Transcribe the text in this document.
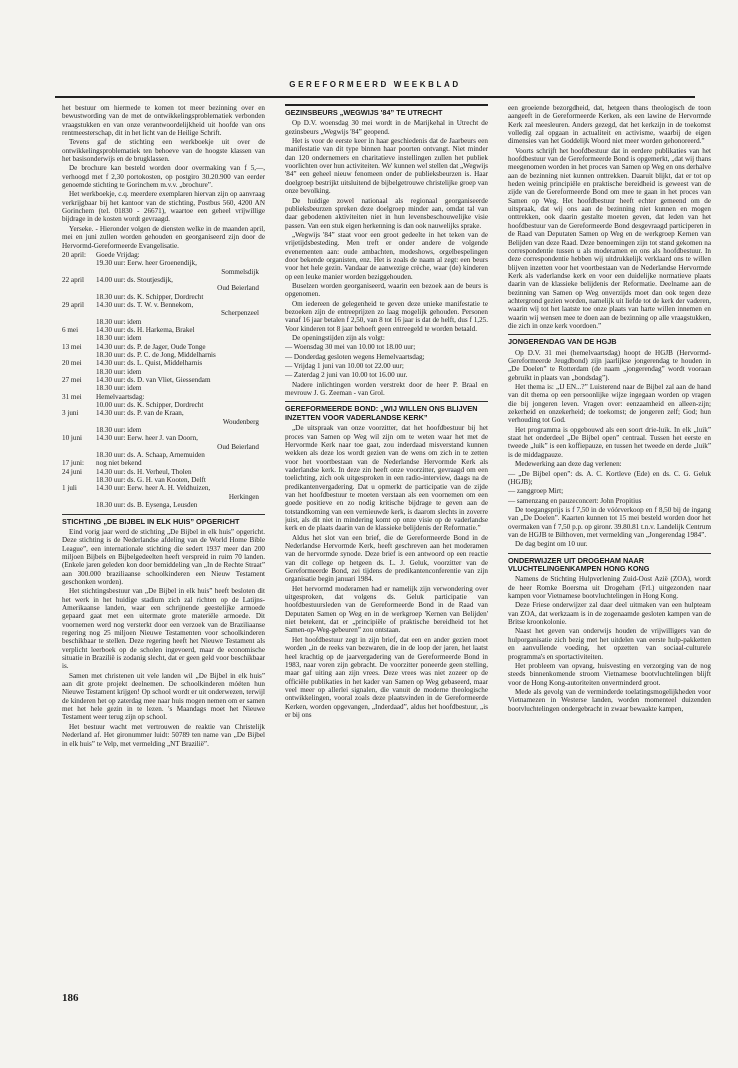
GEREFORMEERD WEEKBLAD
het bestuur om hiermede te komen tot meer bezinning over en bewustwording van de met de ontwikkelingsproblematiek verbonden vraagstukken en van onze verantwoordelijkheid uit hoofde van ons rentmeesterschap, dit in het licht van de Heilige Schrift.
Tevens gaf de stichting een werkboekje uit over de ontwikkelingsproblematiek ten behoeve van de hoogste klassen van het basisonderwijs en de brugklassen.
De brochure kan besteld worden door overmaking van f 5,—, verhoogd met f 2,30 portokosten, op postgiro 30.20.900 van eerder genoemde stichting te Gorinchem m.v.v. „brochure”.
Het werkboekje, c.q. meerdere exemplaren hiervan zijn op aanvraag verkrijgbaar bij het kantoor van de stichting, Postbus 560, 4200 AN Gorinchem (tel. 01830 - 26671), waartoe een geheel vrijwillige bijdrage in de kosten wordt gevraagd.
Yerseke. - Hieronder volgen de diensten welke in de maanden april, mei en juni zullen worden gehouden en georganiseerd zijn door de Hervormd-Gereformeerde Evangelisatie.
20 april:	Goede Vrijdag:
19.30 uur: Eerw. heer Groenendijk,
Sommelsdijk
22 april	14.00 uur: ds. Stoutjesdijk,
Oud Beierland
18.30 uur: ds. K. Schipper, Dordrecht
29 april	14.30 uur: ds. T. W. v. Bennekom,
Scherpenzeel
18.30 uur: idem
6 mei	14.30 uur: ds. H. Harkema, Brakel
18.30 uur: idem
13 mei	14.30 uur: ds. P. de Jager, Oude Tonge
18.30 uur: ds. P. C. de Jong, Middelharnis
20 mei	14.30 uur: ds. L. Quist, Middelharnis
18.30 uur: idem
27 mei	14.30 uur: ds. D. van Vliet, Giessendam
18.30 uur: idem
31 mei	Hemelvaartsdag:
10.00 uur: ds. K. Schipper, Dordrecht
3 juni	14.30 uur: ds. P. van de Kraan,
Woudenberg
18.30 uur: idem
10 juni	14.30 uur: Eerw. heer J. van Doorn,
Oud Beierland
18.30 uur: ds. A. Schaap, Arnemuiden
17 juni:	nog niet bekend
24 juni	14.30 uur: ds. H. Verheul, Tholen
18.30 uur: ds. G. H. van Kooten, Delft
1 juli	14.30 uur: Eerw. heer A. H. Veldhuizen,
Herkingen
18.30 uur: ds. B. Eysenga, Leusden
STICHTING „DE BIJBEL IN ELK HUIS” OPGERICHT
Eind vorig jaar werd de stichting „De Bijbel in elk huis” opgericht. Deze stichting is de Nederlandse afdeling van de World Home Bible League”, een internationale stichting die sedert 1937 meer dan 200 miljoen Bijbels en Bijbelgedeelten heeft verspreid in ruim 70 landen. (Enkele jaren geleden kon door bemiddeling van „In de Rechte Straat” aan 300.000 braziliaanse schoolkinderen een Nieuw Testament geschonken worden).
Het stichtingsbestuur van „De Bijbel in elk huis” heeft besloten dit het werk in het huidige stadium zich zal richten op de Latijns-Amerikaanse landen, waar een schrijnende geestelijke armoede gepaard gaat met een uitermate grote materiële armoede. Dit voornemen werd nog versterkt door een verzoek van de Braziliaanse regering nog 25 miljoen Nieuwe Testamenten voor schoolkinderen beschikbaar te stellen. Deze regering heeft het Nieuwe Testament als verplicht leerboek op de scholen ingevoerd, maar de economische situatie in Brazilië is zodanig slecht, dat er geen geld voor beschikbaar is.
Samen met christenen uit vele landen wil „De Bijbel in elk huis” aan dit grote projekt deelnemen. De schoolkinderen móéten hun Nieuwe Testament krijgen! Op school wordt er uit onderwezen, terwijl de kinderen het op zaterdag mee naar huis mogen nemen om er samen met het hele gezin in te lezen. 's Maandags moet het Nieuwe Testament weer terug zijn op school.
Het bestuur wacht met vertrouwen de reaktie van Christelijk Nederland af. Het gironummer luidt: 50789 ten name van „De Bijbel in elk huis” te Velp, met vermelding „NT Brazilië”.
GEZINSBEURS „WEGWIJS '84” TE UTRECHT
Op D.V. woensdag 30 mei wordt in de Marijkehal in Utrecht de gezinsbeurs „Wegwijs '84” geopend.
Het is voor de eerste keer in haar geschiedenis dat de Jaarbeurs een manifestatie van dit type binnen haar poorten ontvangt. Niet minder dan 120 ondernemers en charitatieve instellingen zullen het publiek voorlichten over hun activiteiten. We' kunnen wel stellen dat „Wegwijs '84” een geheel nieuw fenomeen onder de publieksbeurzen is. Haar doelgroep bestrijkt uitsluitend de bijbelgetrouwe christelijke groep van onze bevolking.
De huidige zowel nationaal als regionaal georganiseerde publieksbeurzen spreken deze doelgroep minder aan, omdat tal van daar gebodenen aktiviteiten niet in hun levensbeschouwelijke visie passen. Van een stuk eigen herkenning is dan ook nauwelijks sprake.
„Wegwijs '84” staat voor een groot gedeelte in het teken van de vrijetijdsbesteding. Men treft er onder andere de volgende evenementen aan: oude ambachten, modeshows, orgelbespelingen door bekende organisten, enz. Het is zoals de naam al zegt: een beurs voor het hele gezin. Vandaar de aanwezige crèche, waar (de) kinderen op een leuke manier worden beziggehouden.
Buselzen worden georganiseerd, waarin een bezoek aan de beurs is opgenomen.
Om iedereen de gelegenheid te geven deze unieke manifestatie te bezoeken zijn de entreeprijzen zo laag mogelijk gehouden. Personen vanaf 16 jaar betalen f 2,50, van 8 tot 16 jaar is dat de helft, dus f 1,25. Voor kinderen tot 8 jaar behoeft geen entreegeld te worden betaald.
De openingstijden zijn als volgt:
— Woensdag 30 mei van 10.00 tot 18.00 uur;
— Donderdag gesloten wegens Hemelvaartsdag;
— Vrijdag 1 juni van 10.00 tot 22.00 uur;
— Zaterdag 2 juni van 10.00 tot 16.00 uur.
Nadere inlichtingen worden verstrekt door de heer P. Braal en mevrouw J. G. Zeeman - van Grol.
GEREFORMEERDE BOND: „WIJ WILLEN ONS BLIJVEN INZETTEN VOOR VADERLANDSE KERK”
„De uitspraak van onze voorzitter, dat het hoofdbestuur bij het proces van Samen op Weg wil zijn om te weten waar het met de Hervormde Kerk naar toe gaat, zou inderdaad misverstand kunnen wekken als deze los wordt gezien van de wens om zich in te zetten voor het voortbestaan van de Nederlandse Hervormde Kerk als vaderlandse kerk. In deze zin heeft onze voorzitter, gevraagd om een toelichting, zich ook uitgesproken in een radio-interview, daags na de predikantenvergadering. Dat u opmerkt de participatie van de zijde van het hoofdbestuur te moeten verstaan als een voornemen om een goede positieve en zo nodig kritische bijdrage te geven aan de totstandkoming van een vernieuwde kerk, is daarom slechts in zoverre juist, als dit niet in mindering komt op onze visie op de vaderlandse kerk en de plaats daarin van de klassieke belijdenis der Reformatie.”
Aldus het slot van een brief, die de Gereformeerde Bond in de Nederlandse Hervormde Kerk, heeft geschreven aan het moderamen van de hervormde synode. Deze brief is een antwoord op een reactie van dit college op hetgeen ds. L. J. Geluk, voorzitter van de Gereformeerde Bond, zei tijdens de predikantenconferentie van zijn organisatie begin januari 1984.
Het hervormd moderamen had er namelijk zijn verwondering over uitgesproken, dat volgens ds. Geluk participatie van hoofdbestuursleden van de Gereformeerde Bond in de Raad van Deputaten Samen op Weg en in de werkgroep 'Kernen van Belijden' niet betekent, dat er „principiële of praktische bereidheid tot het Samen-op-Weg-gebeuren” zou ontstaan.
Het hoofdbestuur zegt in zijn brief, dat een en ander gezien moet worden „in de reeks van bezwaren, die in de loop der jaren, het laatst heel krachtig op de jaarvergadering van de Gereformeerde Bond in 1983, naar voren zijn gebracht. De voorzitter poneerde geen stelling, maar gaf uiting aan zijn vrees. Deze vrees was niet zozeer op de officiële publikaties in het kader van Samen op Weg gebaseerd, maar veel meer op allerlei signalen, die vanuit de moderne theologische ontwikkelingen, vooral zoals deze plaatsvinden in de Gereformeerde Kerken, worden opgevangen, „Inderdaad”, aldus het hoofdbestuur, „is er bij ons
een groeiende bezorgdheid, dat, hetgeen thans theologisch de toon aangeeft in de Gereformeerde Kerken, als een lawine de Hervormde Kerk zal meesleuren. Anders gezegd, dat het kerkzijn in de toekomst volledig zal opgaan in actualiteit en activisme, waarbij de eigen dimensies van het Goddelijk Woord niet meer worden gehonoreerd.”
Voorts schrijft het hoofdbestuur dat in eerdere publikaties van het hoofdbestuur van de Gereformeerde Bond is opgemerkt, „dat wij thans meegenomen worden in het proces van Samen op Weg en ons derhalve aan de bezinning niet kunnen onttrekken. Daaruit blijkt, dat er tot op heden weinig principiële en praktische bereidheid is geweest van de zijde van de Gereformeerde Bond om mee te gaan in het proces van Samen op Weg. Het hoofdbestuur heeft echter gemeend om de uitspraak, dat wij ons aan de bezinning niet kunnen en mogen onttrekken, ook daarin gestalte moeten geven, dat leden van het hoofdbestuur van de Gereformeerde Bond desgevraagd participeren in de Raad van Deputaten Samen op Weg en de werkgroep Kernen van Belijden van deze Raad. Deze benoemingen zijn tot stand gekomen na correspondentie tussen u als moderamen en ons als hoofdbestuur. In deze correspondentie hebben wij uitdrukkelijk verklaard ons te willen blijven inzetten voor het voortbestaan van de Nederlandse Hervormde Kerk als vaderlandse kerk en voor een duidelijke normatieve plaats daarin van de klassieke belijdenis der Reformatie. Deelname aan de bezinning van Samen op Weg onverzijds moet dan ook tegen deze achtergrond gezien worden, namelijk uit liefde tot de kerk der vaderen, waarin wij tot het laatste toe onze plaats van harte willen innemen en waarin wij wensen mee te doen aan de bezinning op alle vraagstukken, die zich in onze kerk voordoen.”
JONGERENDAG VAN DE HGJB
Op D.V. 31 mei (hemelvaartsdag) hoopt de HGJB (Hervormd-Gereformeerde Jeugdbond) zijn jaarlijkse jongerendag te houden in „De Doelen” te Rotterdam (de naam „jongerendag” wordt vooraan gebruikt in plaats van „bondsdag”).
Het thema is: „IJ EN...?” Luisterend naar de Bijbel zal aan de hand van dit thema op een persoonlijke wijze ingegaan worden op vragen die bij jongeren leven. Vragen over: eenzaamheid en alleen-zijn; zekerheid en onzekerheid; de toekomst; de jongeren zelf; God; hun verhouding tot God.
Het programma is opgebouwd als een soort drie-luik. In elk „luik” staat het onderdeel „De Bijbel open” centraal. Tussen het eerste en tweede „luik” is een koffiepauze, en tussen het tweede en derde „luik” is de middagpauze.
Medewerking aan deze dag verlenen:
— „De Bijbel open”: ds. A. C. Kortleve (Ede) en ds. C. G. Geluk (HGJB);
— zanggroep Mirt;
— samenzang en pauzeconcert: John Propitius
De toegangsprijs is f 7,50 in de vóórverkoop en f 8,50 bij de ingang van „De Doelen”. Kaarten kunnen tot 15 mei besteld worden door het overmaken van f 7,50 p.p. op gironr. 39.80.81 t.n.v. Landelijk Centrum van de HGJB te Bilthoven, met vermelding van „Jongerendag 1984”.
De dag begint om 10 uur.
ONDERWIJZER UIT DROGEHAM NAAR VLUCHTELINGENKAMPEN HONG KONG
Namens de Stichting Hulpverlening Zuid-Oost Azië (ZOA), wordt de heer Romke Boersma uit Drogeham (Frl.) uitgezonden naar kampen voor Vietnamese bootvluchtelingen in Hong Kong.
Deze Friese onderwijzer zal daar deel uitmaken van een hulpteam van ZOA, dat werkzaam is in de zogenaamde gesloten kampen van de Britse kroonkolonie.
Naast het geven van onderwijs houden de vrijwilligers van de hulporganisatie zich bezig met het uitdelen van eerste hulp-pakketten en aanvullende voeding, het opzetten van sociaal-culturele programma's en sportactiviteiten.
Het probleem van opvang, huisvesting en verzorging van de nog steeds binnenkomende stroom Vietnamese bootvluchtelingen blijft voor de Hong Kong-autoriteiten onverminderd groot.
Mede als gevolg van de verminderde toelatingsmogelijkheden voor Vietnamezen in Westerse landen, worden momenteel duizenden bootvluchtelingen ondergebracht in zwaar bewaakte kampen,
186
